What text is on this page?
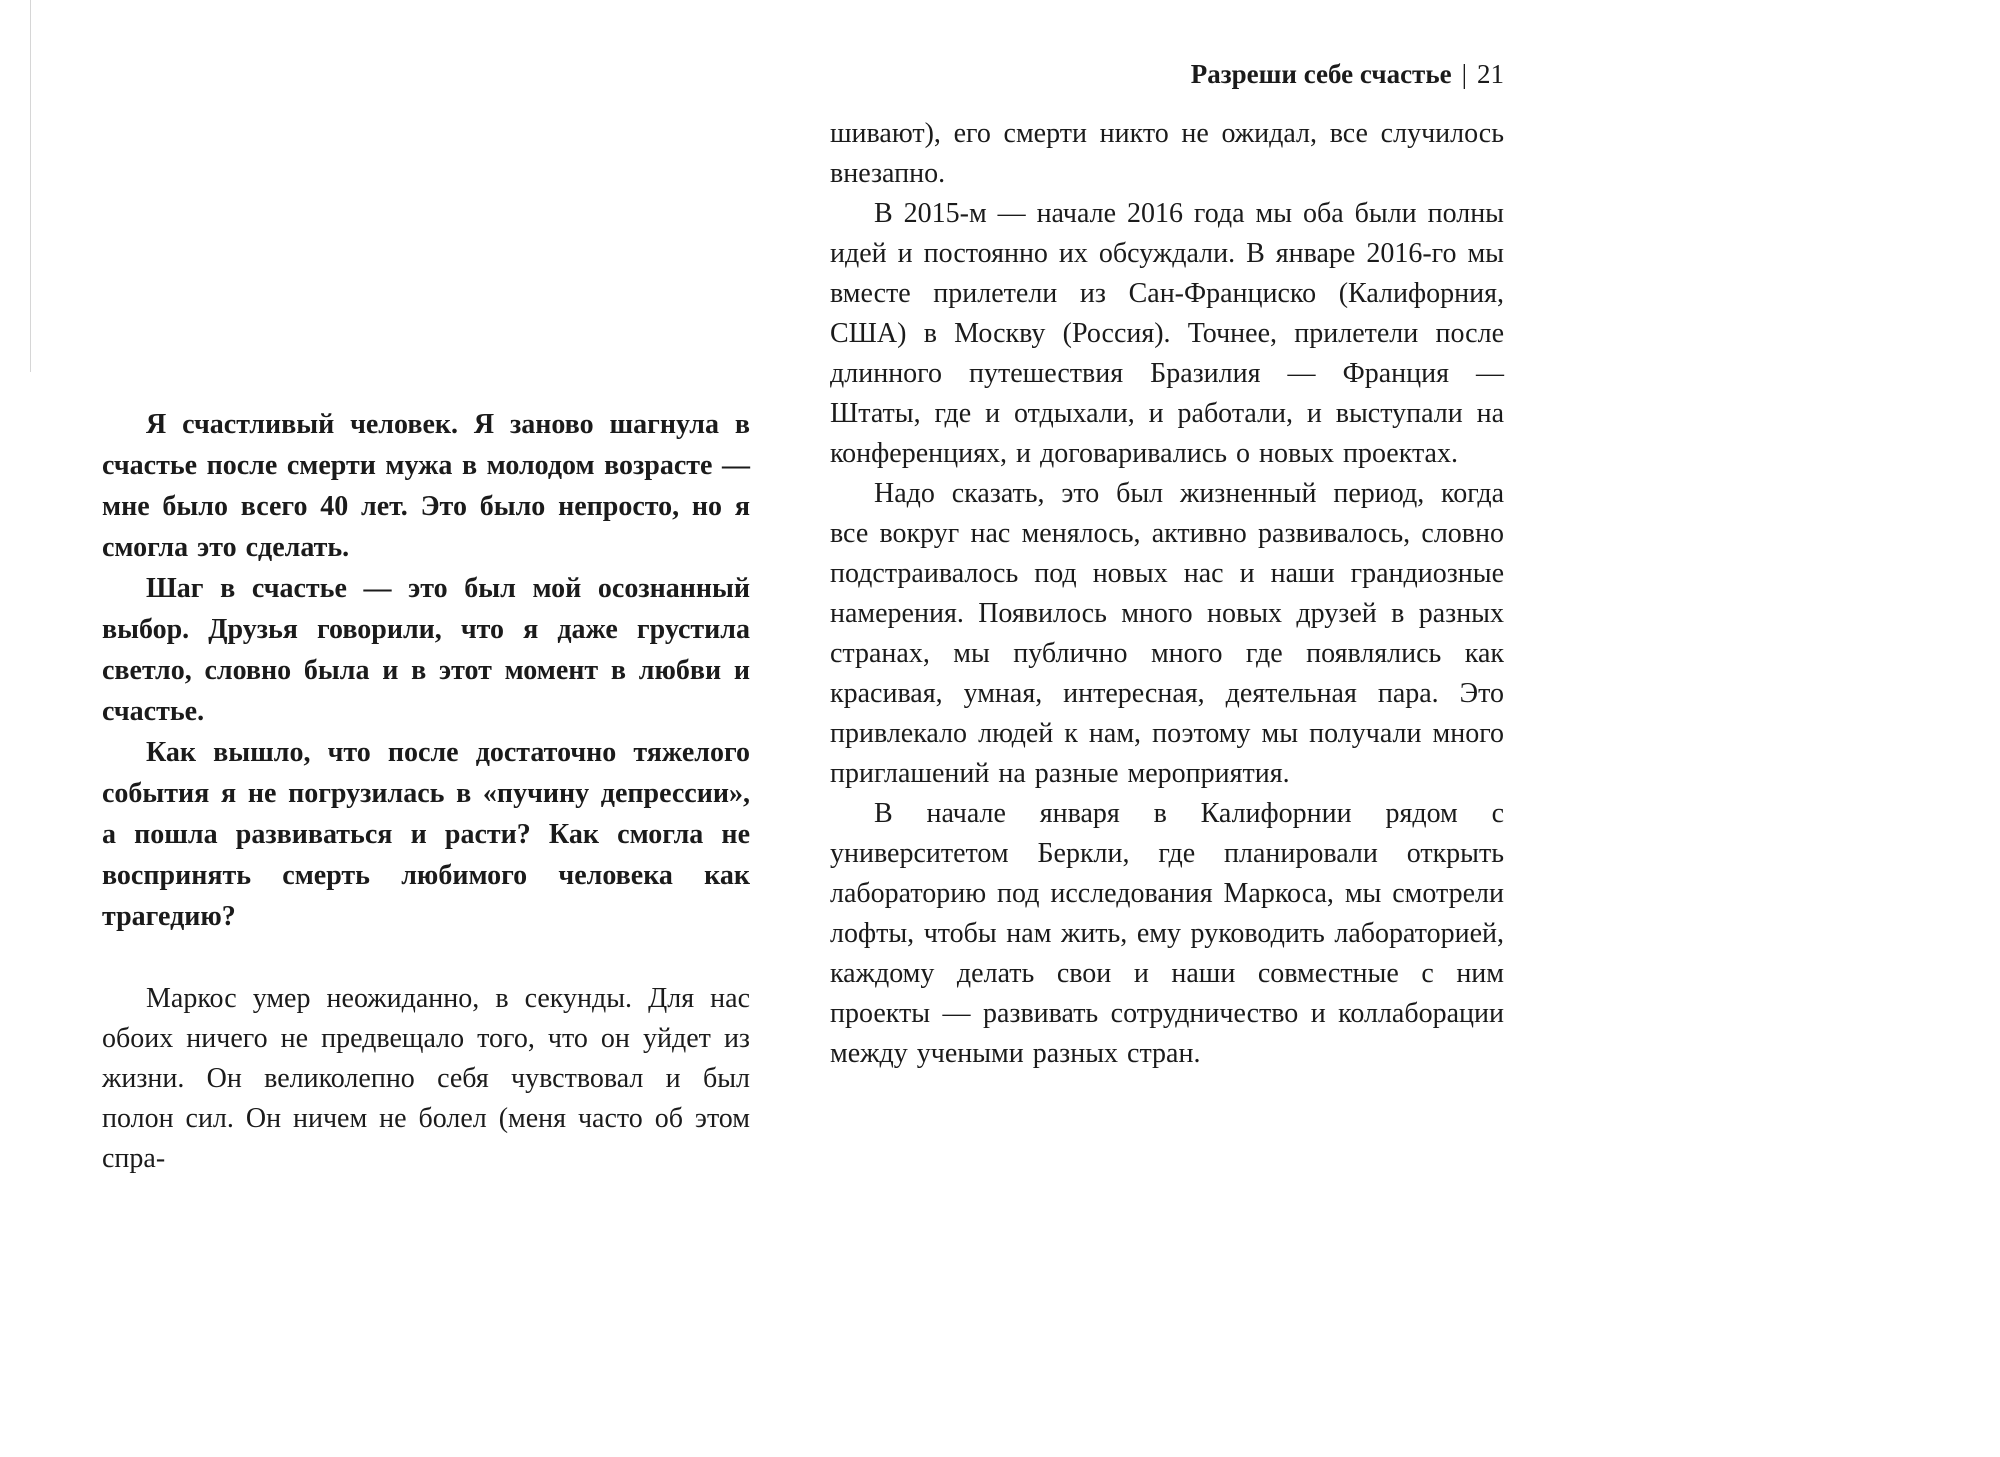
Я счастливый человек. Я заново шагнула в счастье после смерти мужа в молодом возрасте — мне было всего 40 лет. Это было непросто, но я смогла это сделать.

Шаг в счастье — это был мой осознанный выбор. Друзья говорили, что я даже грустила светло, словно была и в этот момент в любви и счастье.

Как вышло, что после достаточно тяжелого события я не погрузилась в «пучину депрессии», а пошла развиваться и расти? Как смогла не воспринять смерть любимого человека как трагедию?

Маркос умер неожиданно, в секунды. Для нас обоих ничего не предвещало того, что он уйдет из жизни. Он великолепно себя чувствовал и был полон сил. Он ничем не болел (меня часто об этом спра-

Разреши себе счастье | 21

шивают), его смерти никто не ожидал, все случилось внезапно.

В 2015-м — начале 2016 года мы оба были полны идей и постоянно их обсуждали. В январе 2016-го мы вместе прилетели из Сан-Франциско (Калифорния, США) в Москву (Россия). Точнее, прилетели после длинного путешествия Бразилия — Франция — Штаты, где и отдыхали, и работали, и выступали на конференциях, и договаривались о новых проектах.

Надо сказать, это был жизненный период, когда все вокруг нас менялось, активно развивалось, словно подстраивалось под новых нас и наши грандиозные намерения. Появилось много новых друзей в разных странах, мы публично много где появлялись как красивая, умная, интересная, деятельная пара. Это привлекало людей к нам, поэтому мы получали много приглашений на разные мероприятия.

В начале января в Калифорнии рядом с университетом Беркли, где планировали открыть лабораторию под исследования Маркоса, мы смотрели лофты, чтобы нам жить, ему руководить лабораторией, каждому делать свои и наши совместные с ним проекты — развивать сотрудничество и коллаборации между учеными разных стран.
